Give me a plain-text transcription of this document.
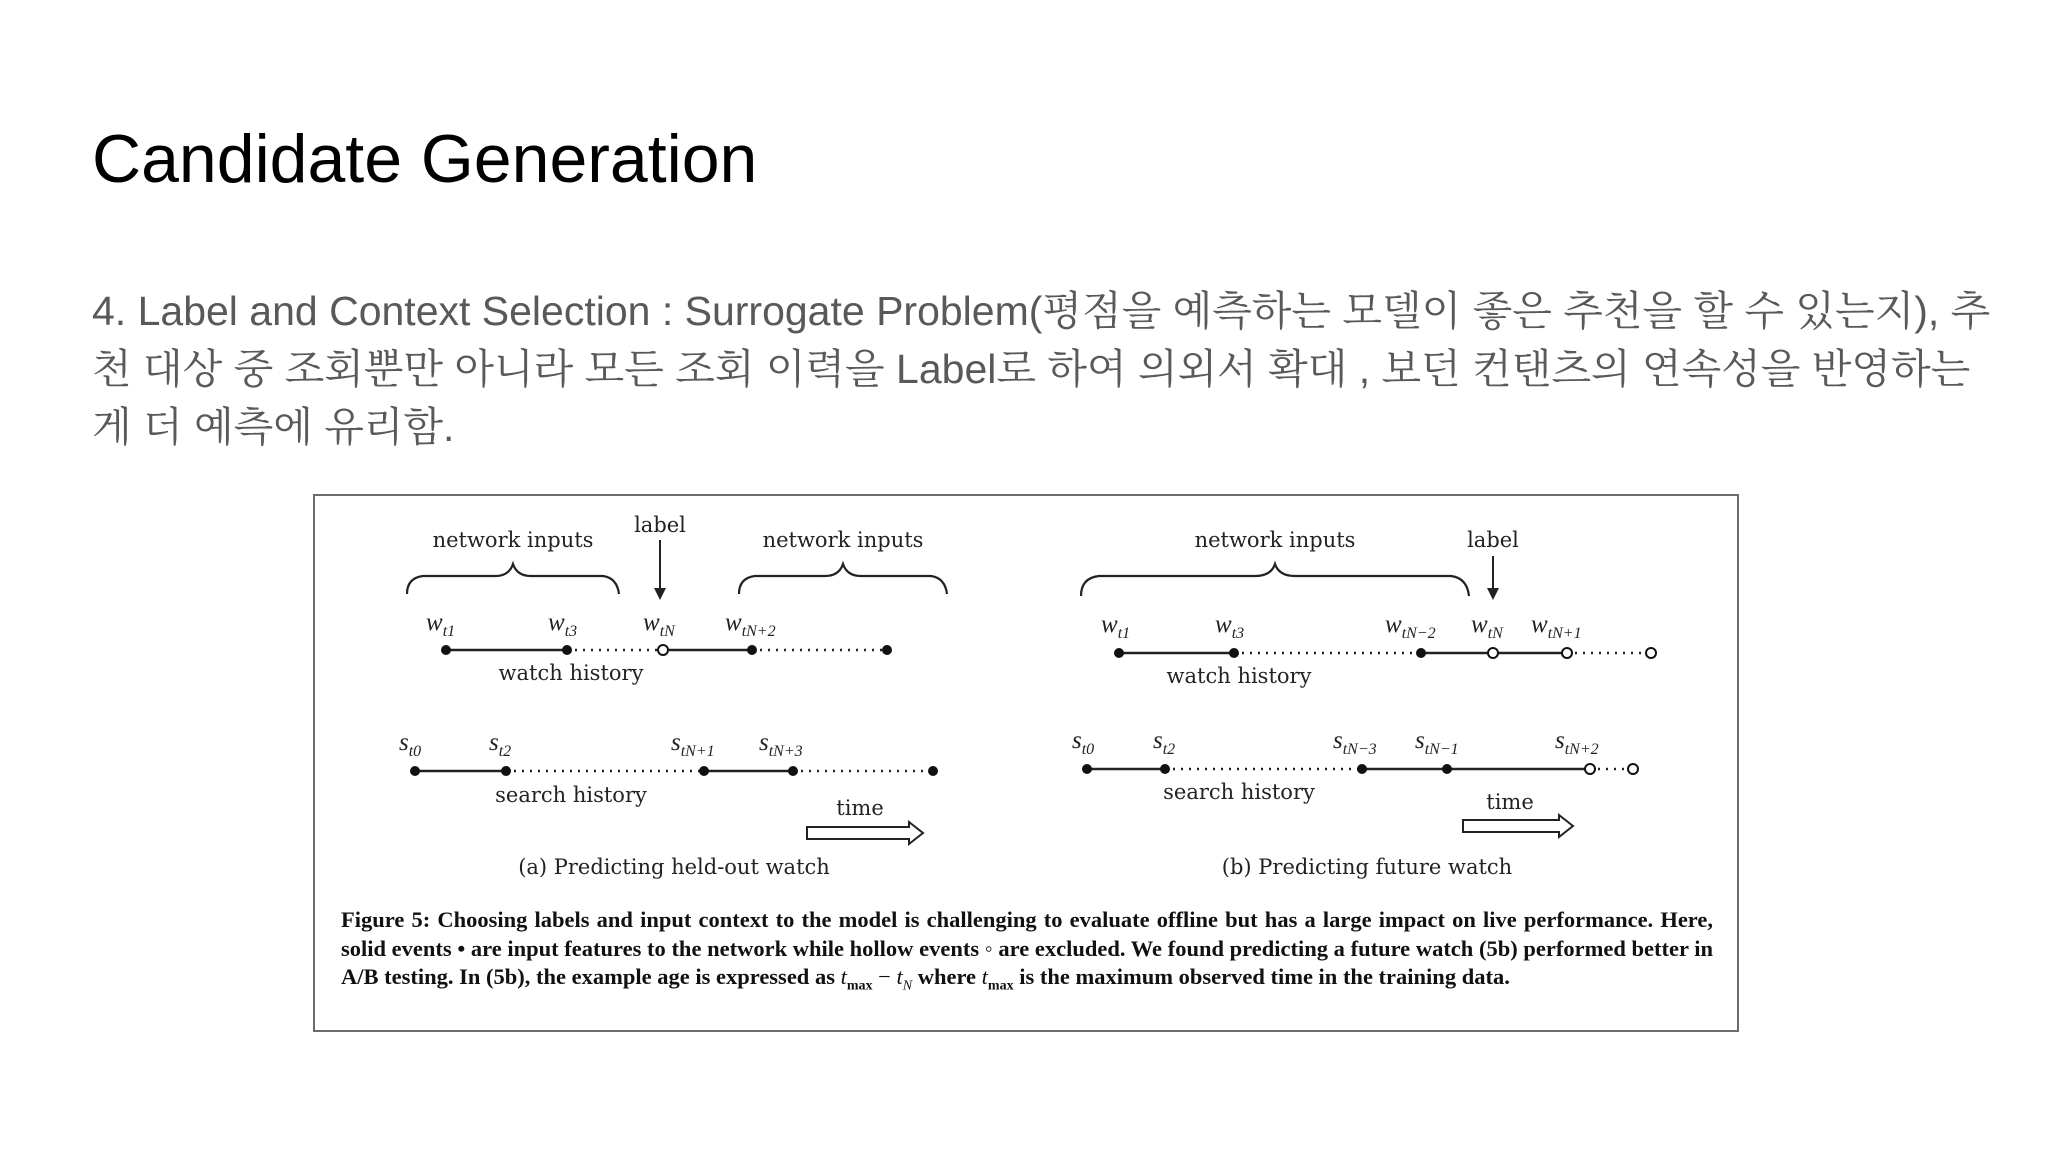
Candidate Generation

4. Label and Context Selection : Surrogate Problem(평점을 예측하는 모델이 좋은 추천을 할 수 있는지), 추천 대상 중 조회뿐만 아니라 모든 조회 이력을 Label로 하여 의외서 확대 , 보던 컨탠츠의 연속성을 반영하는게 더 예측에 유리함.

network inputs	network inputs
label
$w_{t1}$	$w_{t3}$	$w_{tN}$ $w_{tN+2}$
watch history
$s_{t0}$	$s_{t2}$	$s_{tN+1}$ $s_{tN+3}$
search history
time
(a) Predicting held-out watch
network inputs	label
$w_{t1}$	$w_{t3}$	$w_{tN-2}$ $w_{tN}$ $w_{tN+1}$
watch history
$s_{t0}$ $s_{t2}$	$s_{tN-3}$ $s_{tN-1}$	$s_{tN+2}$
search history	time
(b) Predicting future watch
Figure 5: Choosing labels and input context to the model is challenging to evaluate offline but has a large impact on live performance. Here, solid events • are input features to the network while hollow events ◦ are excluded. We found predicting a future watch (5b) performed better in A/B testing. In (5b), the example age is expressed as $t_{max} - t_N$ where $t_{max}$ is the maximum observed time in the training data.
